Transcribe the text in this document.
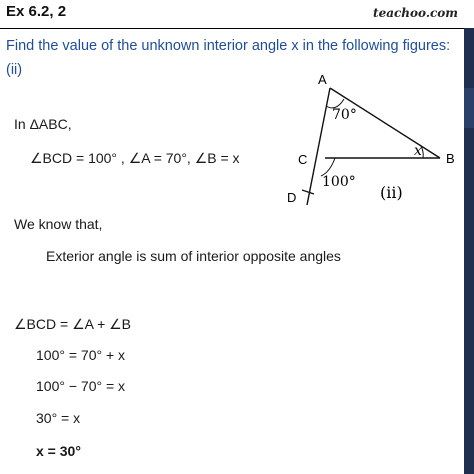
Ex 6.2, 2	teachoo.com
Find the value of the unknown interior angle x in the following figures:
(ii)
In ΔABC,
∠BCD = 100° , ∠A = 70°, ∠B = x
We know that,
Exterior angle is sum of interior opposite angles
∠BCD = ∠A + ∠B
100° = 70° + x
100° − 70° = x
30° = x
x = 30°
A
B
C
D
70°
x
100°
(ii)
